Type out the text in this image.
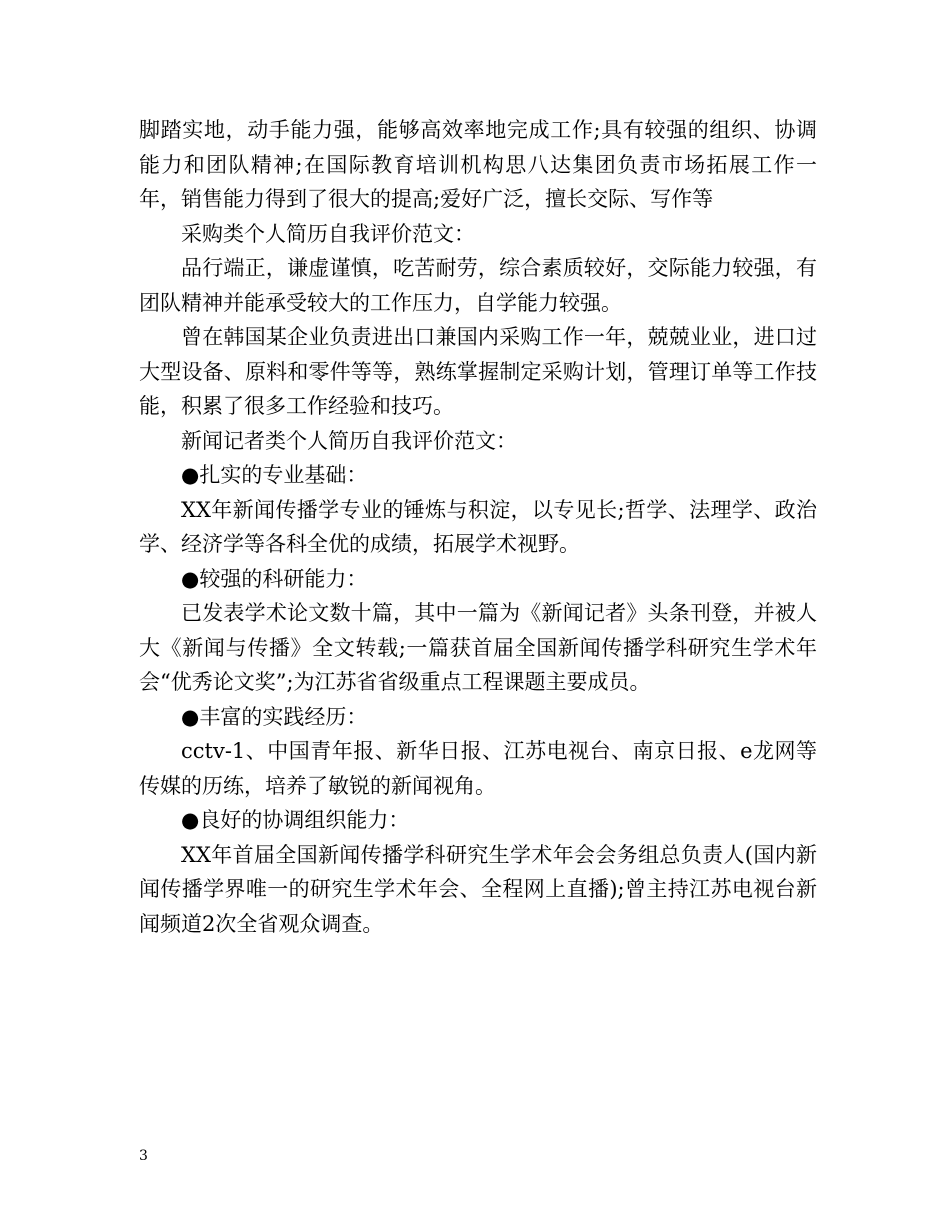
脚踏实地，动手能力强，能够高效率地完成工作;具有较强的组织、协调能力和团队精神;在国际教育培训机构思八达集团负责市场拓展工作一年，销售能力得到了很大的提高;爱好广泛，擅长交际、写作等

采购类个人简历自我评价范文：

品行端正，谦虚谨慎，吃苦耐劳，综合素质较好，交际能力较强，有团队精神并能承受较大的工作压力，自学能力较强。

曾在韩国某企业负责进出口兼国内采购工作一年，兢兢业业，进口过大型设备、原料和零件等等，熟练掌握制定采购计划，管理订单等工作技能，积累了很多工作经验和技巧。

新闻记者类个人简历自我评价范文：

●扎实的专业基础：

XX年新闻传播学专业的锤炼与积淀，以专见长;哲学、法理学、政治学、经济学等各科全优的成绩，拓展学术视野。

●较强的科研能力：

已发表学术论文数十篇，其中一篇为《新闻记者》头条刊登，并被人大《新闻与传播》全文转载;一篇获首届全国新闻传播学科研究生学术年会“优秀论文奖”;为江苏省省级重点工程课题主要成员。

●丰富的实践经历：

cctv-1、中国青年报、新华日报、江苏电视台、南京日报、e龙网等传媒的历练，培养了敏锐的新闻视角。

●良好的协调组织能力：

XX年首届全国新闻传播学科研究生学术年会会务组总负责人(国内新闻传播学界唯一的研究生学术年会、全程网上直播);曾主持江苏电视台新闻频道2次全省观众调查。

3
